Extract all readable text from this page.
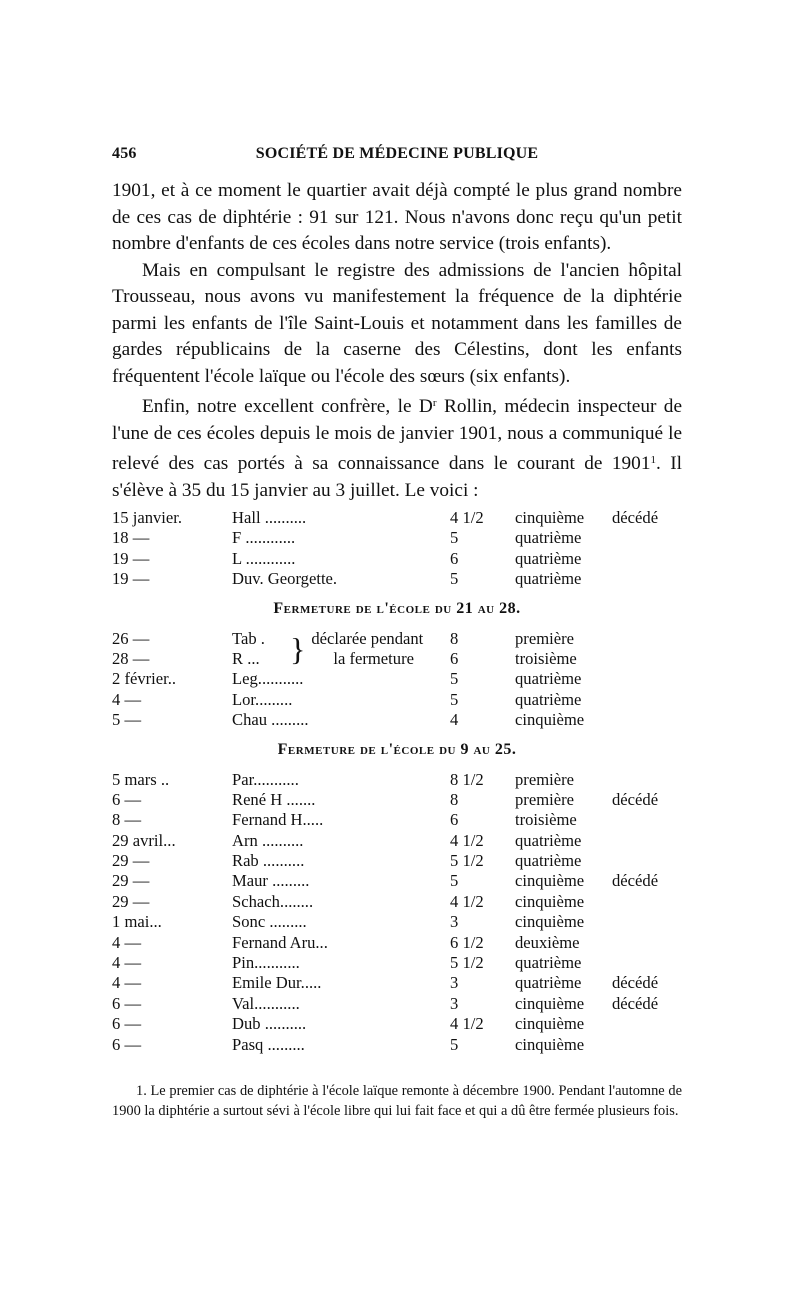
SOCIÉTÉ DE MÉDECINE PUBLIQUE
456

1901, et à ce moment le quartier avait déjà compté le plus grand nombre de ces cas de diphtérie : 91 sur 121. Nous n'avons donc reçu qu'un petit nombre d'enfants de ces écoles dans notre service (trois enfants).

Mais en compulsant le registre des admissions de l'ancien hôpital Trousseau, nous avons vu manifestement la fréquence de la diphtérie parmi les enfants de l'île Saint-Louis et notamment dans les familles de gardes républicains de la caserne des Célestins, dont les enfants fréquentent l'école laïque ou l'école des sœurs (six enfants).

Enfin, notre excellent confrère, le $D^r$ Rollin, médecin inspecteur de l'une de ces écoles depuis le mois de janvier 1901, nous a communiqué le relevé des cas portés à sa connaissance dans le courant de 1901$^1$. Il s'élève à 35 du 15 janvier au 3 juillet. Le voici :

15 janvier.	Hall ..........	4 1/2	cinquième	décédé
18 —	F ............	5	quatrième
19 —	L ............	6	quatrième
19 —	Duv. Georgette.	5	quatrième
Fermeture de l'école du 21 au 28.
26 —	Tab .	8	première
28 —	R ...	6	troisième
} déclarée pendant
la fermeture
2 février..	Leg...........	5	quatrième
4 —	Lor.........	5	quatrième
5 —	Chau .........	4	cinquième
Fermeture de l'école du 9 au 25.
5 mars ..	Par...........	8 1/2	première
6 —	René H .......	8	première	décédé
8 —	Fernand H.....	6	troisième
29 avril...	Arn ..........	4 1/2	quatrième
29 —	Rab ..........	5 1/2	quatrième
29 —	Maur .........	5	cinquième	décédé
29 —	Schach........	4 1/2	cinquième
1 mai...	Sonc .........	3	cinquième
4 —	Fernand Aru...	6 1/2	deuxième
4 —	Pin...........	5 1/2	quatrième
4 —	Emile Dur.....	3	quatrième	décédé
6 —	Val...........	3	cinquième	décédé
6 —	Dub ..........	4 1/2	cinquième
6 —	Pasq .........	5	cinquième

1. Le premier cas de diphtérie à l'école laïque remonte à décembre 1900. Pendant l'automne de 1900 la diphtérie a surtout sévi à l'école libre qui lui fait face et qui a dû être fermée plusieurs fois.
